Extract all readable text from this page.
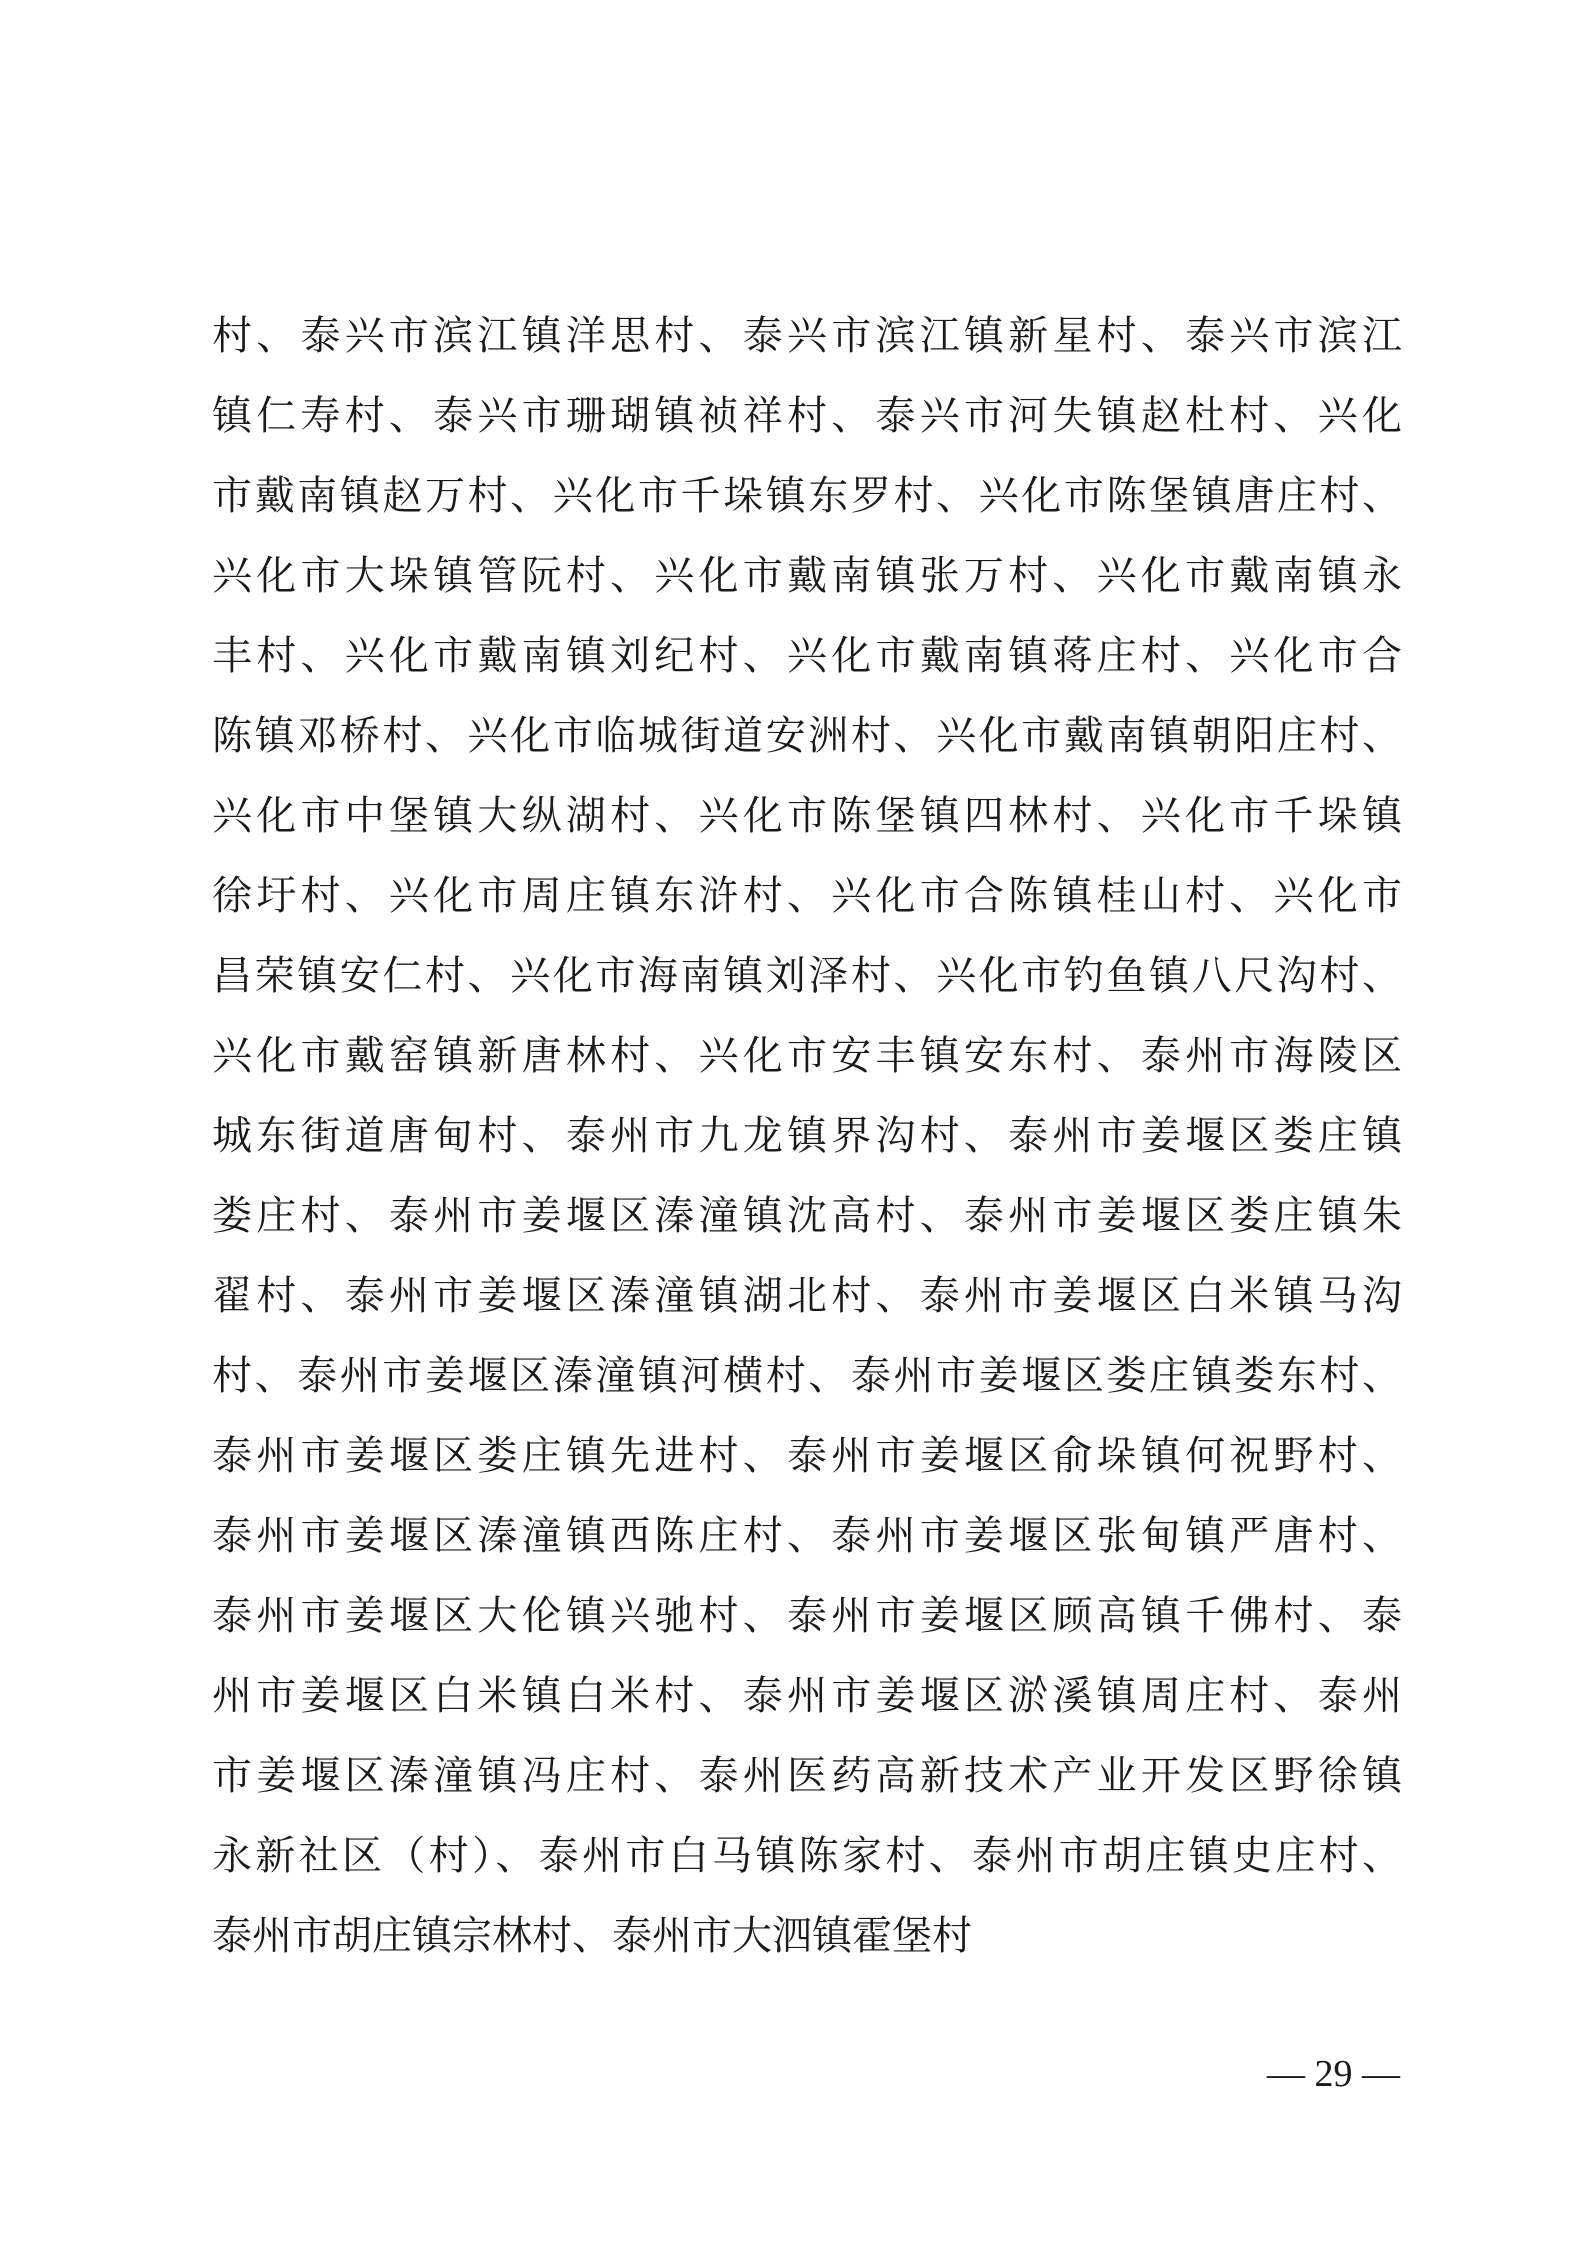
村、泰兴市滨江镇洋思村、泰兴市滨江镇新星村、泰兴市滨江
镇仁寿村、泰兴市珊瑚镇祯祥村、泰兴市河失镇赵杜村、兴化
市戴南镇赵万村、兴化市千垛镇东罗村、兴化市陈堡镇唐庄村、
兴化市大垛镇管阮村、兴化市戴南镇张万村、兴化市戴南镇永
丰村、兴化市戴南镇刘纪村、兴化市戴南镇蒋庄村、兴化市合
陈镇邓桥村、兴化市临城街道安洲村、兴化市戴南镇朝阳庄村、
兴化市中堡镇大纵湖村、兴化市陈堡镇四林村、兴化市千垛镇
徐圩村、兴化市周庄镇东浒村、兴化市合陈镇桂山村、兴化市
昌荣镇安仁村、兴化市海南镇刘泽村、兴化市钓鱼镇八尺沟村、
兴化市戴窑镇新唐林村、兴化市安丰镇安东村、泰州市海陵区
城东街道唐甸村、泰州市九龙镇界沟村、泰州市姜堰区娄庄镇
娄庄村、泰州市姜堰区溱潼镇沈高村、泰州市姜堰区娄庄镇朱
翟村、泰州市姜堰区溱潼镇湖北村、泰州市姜堰区白米镇马沟
村、泰州市姜堰区溱潼镇河横村、泰州市姜堰区娄庄镇娄东村、
泰州市姜堰区娄庄镇先进村、泰州市姜堰区俞垛镇何祝野村、
泰州市姜堰区溱潼镇西陈庄村、泰州市姜堰区张甸镇严唐村、
泰州市姜堰区大伦镇兴驰村、泰州市姜堰区顾高镇千佛村、泰
州市姜堰区白米镇白米村、泰州市姜堰区淤溪镇周庄村、泰州
市姜堰区溱潼镇冯庄村、泰州医药高新技术产业开发区野徐镇
永新社区（村）、泰州市白马镇陈家村、泰州市胡庄镇史庄村、
泰州市胡庄镇宗林村、泰州市大泗镇霍堡村
— 29 —
